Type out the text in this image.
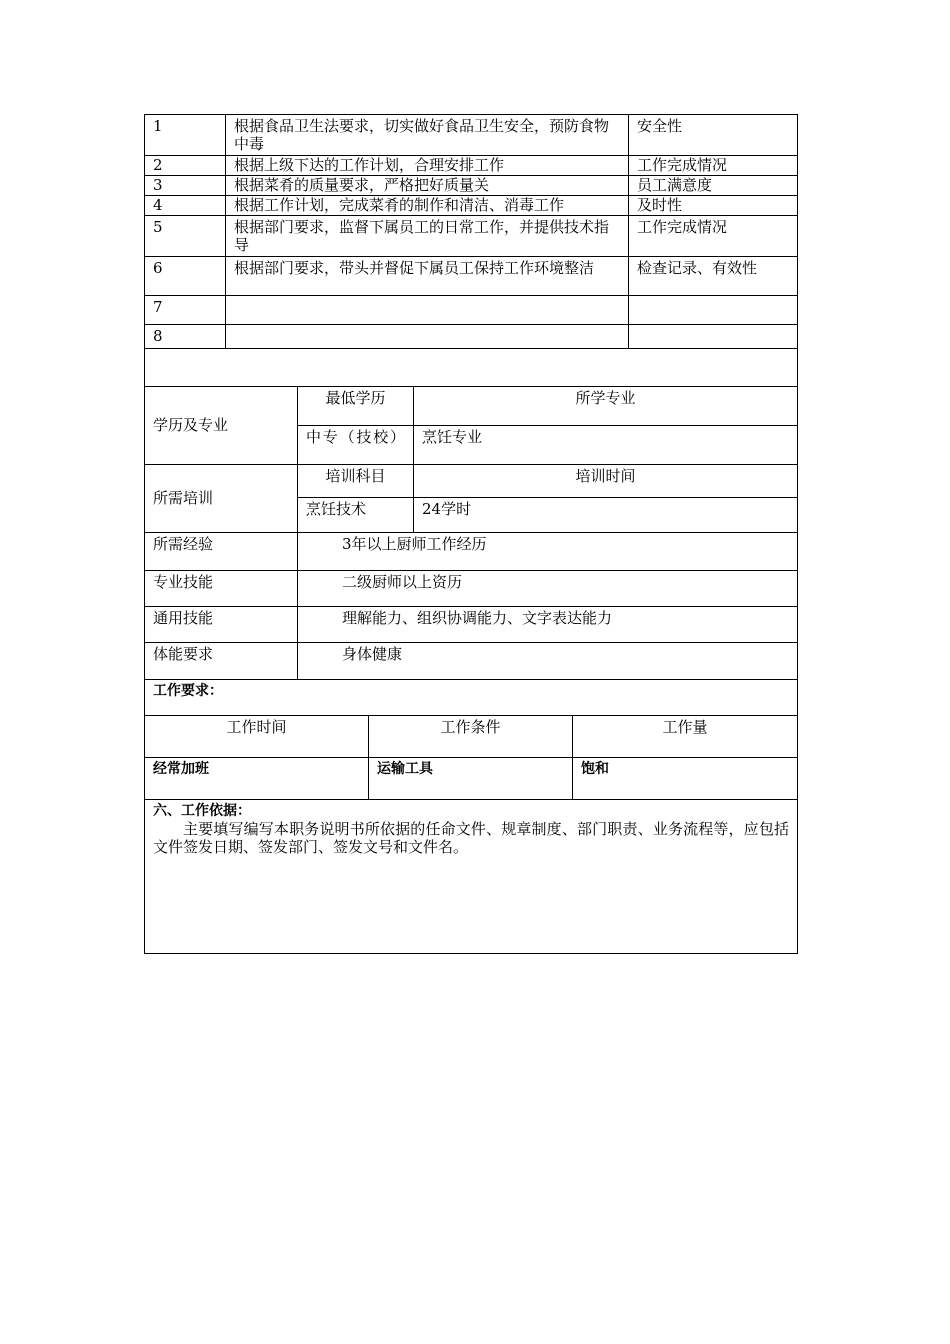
1	根据食品卫生法要求，切实做好食品卫生安全，预防食物中毒	安全性
2	根据上级下达的工作计划，合理安排工作	工作完成情况
3	根据菜肴的质量要求，严格把好质量关	员工满意度
4	根据工作计划，完成菜肴的制作和清洁、消毒工作	及时性
5	根据部门要求，监督下属员工的日常工作，并提供技术指导	工作完成情况
6	根据部门要求，带头并督促下属员工保持工作环境整洁	检查记录、有效性
7		
8		

学历及专业	最低学历	所学专业
	中专（技校）	烹饪专业
所需培训	培训科目	培训时间
	烹饪技术	24学时
所需经验	3年以上厨师工作经历	
专业技能	二级厨师以上资历	
通用技能	理解能力、组织协调能力、文字表达能力	
体能要求	身体健康	
工作要求：		
工作时间	工作条件	工作量
经常加班	运输工具	饱和

六、工作依据：
主要填写编写本职务说明书所依据的任命文件、规章制度、部门职责、业务流程等，应包括文件签发日期、签发部门、签发文号和文件名。		
